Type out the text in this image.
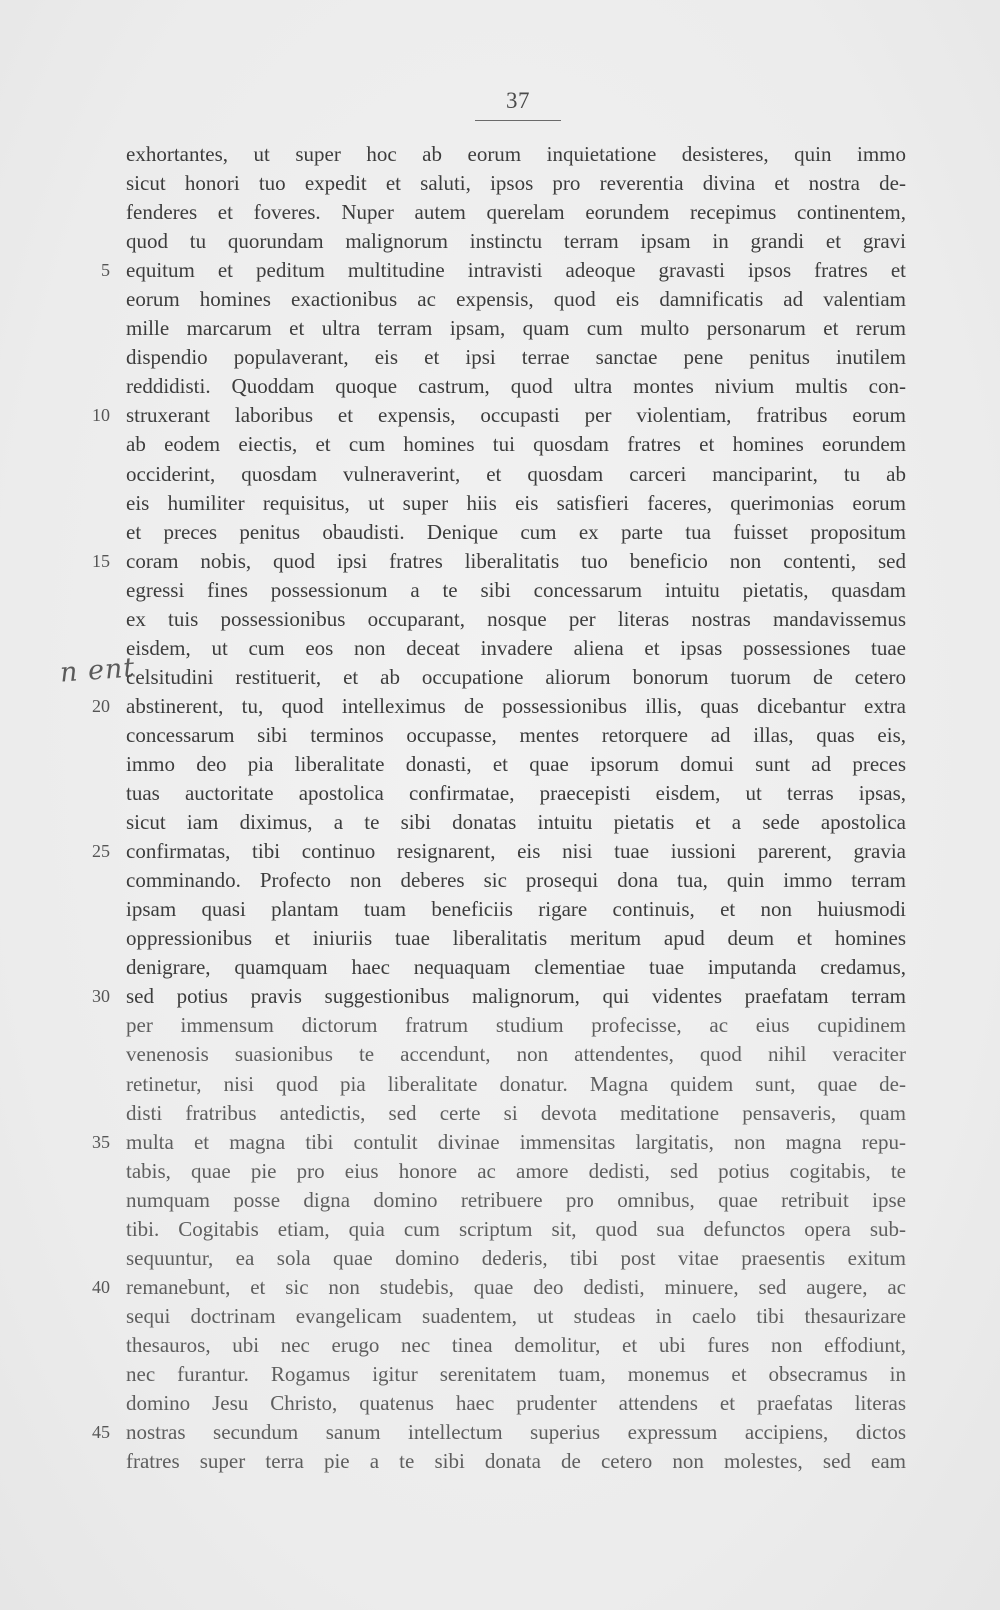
37
n ent
exhortantes, ut super hoc ab eorum inquietatione desisteres, quin immo
sicut honori tuo expedit et saluti, ipsos pro reverentia divina et nostra de-
fenderes et foveres. Nuper autem querelam eorundem recepimus continentem,
quod tu quorundam malignorum instinctu terram ipsam in grandi et gravi
5 equitum et peditum multitudine intravisti adeoque gravasti ipsos fratres et
eorum homines exactionibus ac expensis, quod eis damnificatis ad valentiam
mille marcarum et ultra terram ipsam, quam cum multo personarum et rerum
dispendio populaverant, eis et ipsi terrae sanctae pene penitus inutilem
reddidisti. Quoddam quoque castrum, quod ultra montes nivium multis con-
10 struxerant laboribus et expensis, occupasti per violentiam, fratribus eorum
ab eodem eiectis, et cum homines tui quosdam fratres et homines eorundem
occiderint, quosdam vulneraverint, et quosdam carceri manciparint, tu ab
eis humiliter requisitus, ut super hiis eis satisfieri faceres, querimonias eorum
et preces penitus obaudisti. Denique cum ex parte tua fuisset propositum
15 coram nobis, quod ipsi fratres liberalitatis tuo beneficio non contenti, sed
egressi fines possessionum a te sibi concessarum intuitu pietatis, quasdam
ex tuis possessionibus occuparant, nosque per literas nostras mandavissemus
eisdem, ut cum eos non deceat invadere aliena et ipsas possessiones tuae
celsitudini restituerit, et ab occupatione aliorum bonorum tuorum de cetero
20 abstinerent, tu, quod intelleximus de possessionibus illis, quas dicebantur extra
concessarum sibi terminos occupasse, mentes retorquere ad illas, quas eis,
immo deo pia liberalitate donasti, et quae ipsorum domui sunt ad preces
tuas auctoritate apostolica confirmatae, praecepisti eisdem, ut terras ipsas,
sicut iam diximus, a te sibi donatas intuitu pietatis et a sede apostolica
25 confirmatas, tibi continuo resignarent, eis nisi tuae iussioni parerent, gravia
comminando. Profecto non deberes sic prosequi dona tua, quin immo terram
ipsam quasi plantam tuam beneficiis rigare continuis, et non huiusmodi
oppressionibus et iniuriis tuae liberalitatis meritum apud deum et homines
denigrare, quamquam haec nequaquam clementiae tuae imputanda credamus,
30 sed potius pravis suggestionibus malignorum, qui videntes praefatam terram
per immensum dictorum fratrum studium profecisse, ac eius cupidinem
venenosis suasionibus te accendunt, non attendentes, quod nihil veraciter
retinetur, nisi quod pia liberalitate donatur. Magna quidem sunt, quae de-
disti fratribus antedictis, sed certe si devota meditatione pensaveris, quam
35 multa et magna tibi contulit divinae immensitas largitatis, non magna repu-
tabis, quae pie pro eius honore ac amore dedisti, sed potius cogitabis, te
numquam posse digna domino retribuere pro omnibus, quae retribuit ipse
tibi. Cogitabis etiam, quia cum scriptum sit, quod sua defunctos opera sub-
sequuntur, ea sola quae domino dederis, tibi post vitae praesentis exitum
40 remanebunt, et sic non studebis, quae deo dedisti, minuere, sed augere, ac
sequi doctrinam evangelicam suadentem, ut studeas in caelo tibi thesaurizare
thesauros, ubi nec erugo nec tinea demolitur, et ubi fures non effodiunt,
nec furantur. Rogamus igitur serenitatem tuam, monemus et obsecramus in
domino Jesu Christo, quatenus haec prudenter attendens et praefatas literas
45 nostras secundum sanum intellectum superius expressum accipiens, dictos
fratres super terra pie a te sibi donata de cetero non molestes, sed eam
